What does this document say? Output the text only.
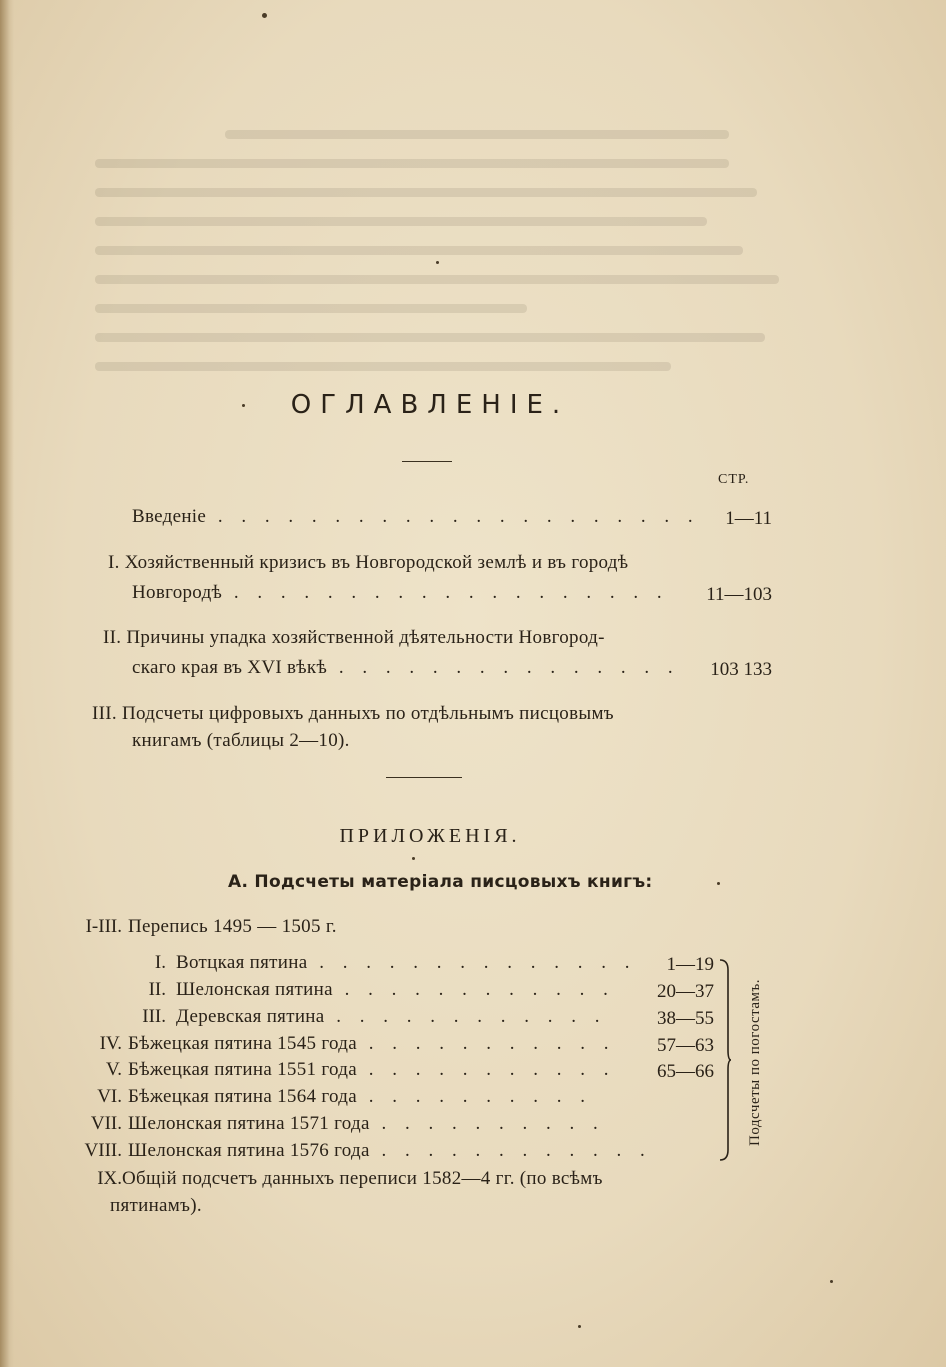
ОГЛАВЛЕНIЕ.
СТР.
Введенiе . . . . . . . . . . . . . . . . . . . . .	1—11
I. Хозяйственный кризисъ въ Новгородской землѣ и въ городѣ
Новгородѣ . . . . . . . . . . . . . . . . . . .	11—103
II. Причины упадка хозяйственной дѣятельности Новгород-
скаго края въ XVI вѣкѣ . . . . . . . . . . . . . . .	103 133
III. Подсчеты цифровыхъ данныхъ по отдѣльнымъ писцовымъ
книгамъ (таблицы 2—10).
ПРИЛОЖЕНIЯ.
А. Подсчеты матерiала писцовыхъ книгъ:
I-III. Перепись 1495 — 1505 г.
I. Вотцкая пятина . . . . . . . . . . . . . .	1—19
II. Шелонская пятина . . . . . . . . . . . .	20—37
III. Деревская пятина . . . . . . . . . . . .	38—55
IV. Бѣжецкая пятина 1545 года . . . . . . . . . . .	57—63
V. Бѣжецкая пятина 1551 года . . . . . . . . . . .	65—66
VI. Бѣжецкая пятина 1564 года . . . . . . . . . .
VII. Шелонская пятина 1571 года . . . . . . . . . .
VIII. Шелонская пятина 1576 года . . . . . . . . . . . .
IX. Общiй подсчетъ данныхъ переписи 1582—4 гг. (по всѣмъ
пятинамъ).
Подсчеты по погостамъ.
